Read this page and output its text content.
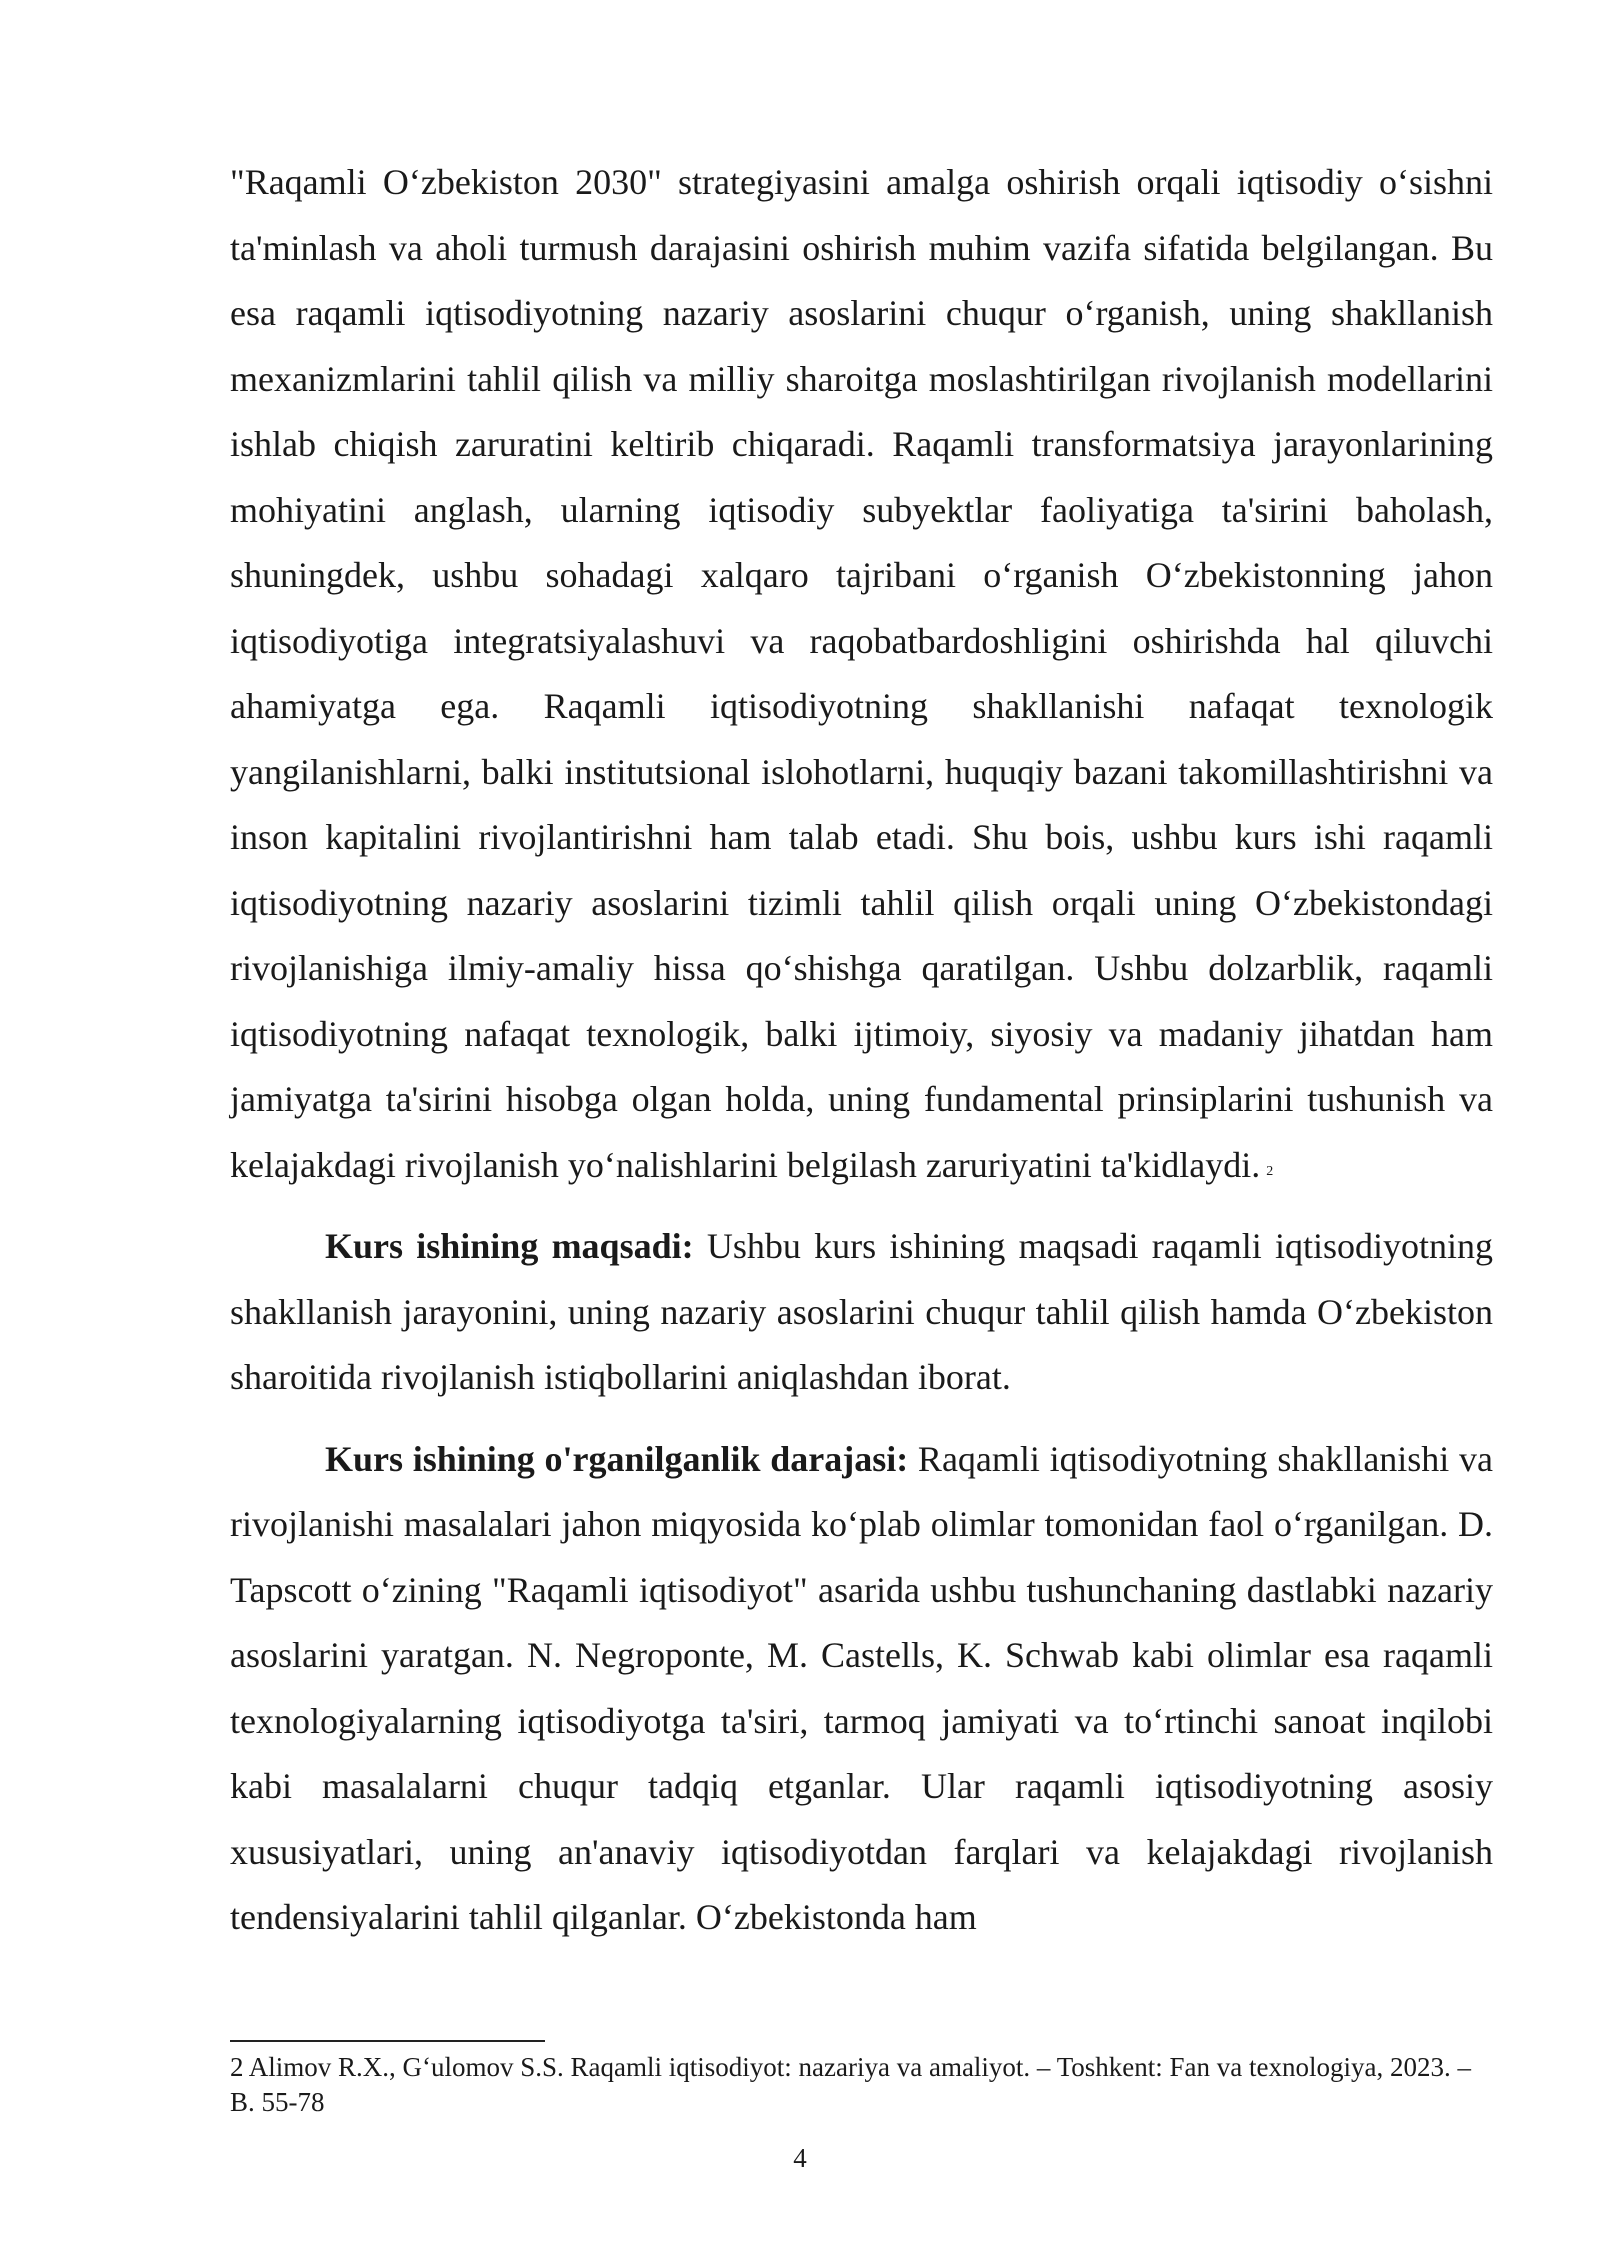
"Raqamli O‘zbekiston 2030" strategiyasini amalga oshirish orqali iqtisodiy o‘sishni ta'minlash va aholi turmush darajasini oshirish muhim vazifa sifatida belgilangan. Bu esa raqamli iqtisodiyotning nazariy asoslarini chuqur o‘rganish, uning shakllanish mexanizmlarini tahlil qilish va milliy sharoitga moslashtirilgan rivojlanish modellarini ishlab chiqish zaruratini keltirib chiqaradi. Raqamli transformatsiya jarayonlarining mohiyatini anglash, ularning iqtisodiy subyektlar faoliyatiga ta'sirini baholash, shuningdek, ushbu sohadagi xalqaro tajribani o‘rganish O‘zbekistonning jahon iqtisodiyotiga integratsiyalashuvi va raqobatbardoshligini oshirishda hal qiluvchi ahamiyatga ega. Raqamli iqtisodiyotning shakllanishi nafaqat texnologik yangilanishlarni, balki institutsional islohotlarni, huquqiy bazani takomillashtirishni va inson kapitalini rivojlantirishni ham talab etadi. Shu bois, ushbu kurs ishi raqamli iqtisodiyotning nazariy asoslarini tizimli tahlil qilish orqali uning O‘zbekistondagi rivojlanishiga ilmiy-amaliy hissa qo‘shishga qaratilgan. Ushbu dolzarblik, raqamli iqtisodiyotning nafaqat texnologik, balki ijtimoiy, siyosiy va madaniy jihatdan ham jamiyatga ta'sirini hisobga olgan holda, uning fundamental prinsiplarini tushunish va kelajakdagi rivojlanish yo‘nalishlarini belgilash zaruriyatini ta'kidlaydi. $^2$

Kurs ishining maqsadi: Ushbu kurs ishining maqsadi raqamli iqtisodiyotning shakllanish jarayonini, uning nazariy asoslarini chuqur tahlil qilish hamda O‘zbekiston sharoitida rivojlanish istiqbollarini aniqlashdan iborat.

Kurs ishining o'rganilganlik darajasi: Raqamli iqtisodiyotning shakllanishi va rivojlanishi masalalari jahon miqyosida ko‘plab olimlar tomonidan faol o‘rganilgan. D. Tapscott o‘zining "Raqamli iqtisodiyot" asarida ushbu tushunchaning dastlabki nazariy asoslarini yaratgan. N. Negroponte, M. Castells, K. Schwab kabi olimlar esa raqamli texnologiyalarning iqtisodiyotga ta'siri, tarmoq jamiyati va to‘rtinchi sanoat inqilobi kabi masalalarni chuqur tadqiq etganlar. Ular raqamli iqtisodiyotning asosiy xususiyatlari, uning an'anaviy iqtisodiyotdan farqlari va kelajakdagi rivojlanish tendensiyalarini tahlil qilganlar. O‘zbekistonda ham

2 Alimov R.X., G‘ulomov S.S. Raqamli iqtisodiyot: nazariya va amaliyot. – Toshkent: Fan va texnologiya, 2023. – B. 55-78

4
